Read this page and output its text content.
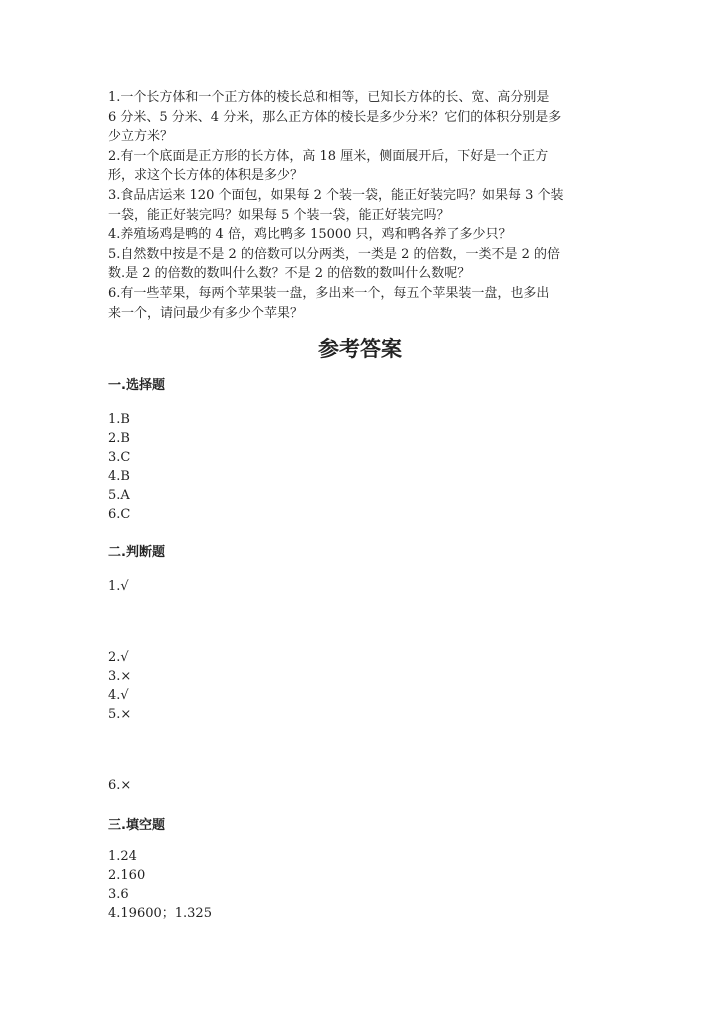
1.一个长方体和一个正方体的棱长总和相等，已知长方体的长、宽、高分别是
6 分米、5 分米、4 分米，那么正方体的棱长是多少分米？它们的体积分别是多
少立方米？
2.有一个底面是正方形的长方体，高 18 厘米，侧面展开后，下好是一个正方
形，求这个长方体的体积是多少？
3.食品店运来 120 个面包，如果每 2 个装一袋，能正好装完吗？如果每 3 个装
一袋，能正好装完吗？如果每 5 个装一袋，能正好装完吗？
4.养殖场鸡是鸭的 4 倍，鸡比鸭多 15000 只，鸡和鸭各养了多少只？
5.自然数中按是不是 2 的倍数可以分两类，一类是 2 的倍数，一类不是 2 的倍
数.是 2 的倍数的数叫什么数？不是 2 的倍数的数叫什么数呢？
6.有一些苹果，每两个苹果装一盘，多出来一个，每五个苹果装一盘，也多出
来一个，请问最少有多少个苹果？
参考答案
一.选择题
1.B
2.B
3.C
4.B
5.A
6.C
二.判断题
1.√
2.√
3.×
4.√
5.×
6.×
三.填空题
1.24
2.160
3.6
4.19600；1.325
